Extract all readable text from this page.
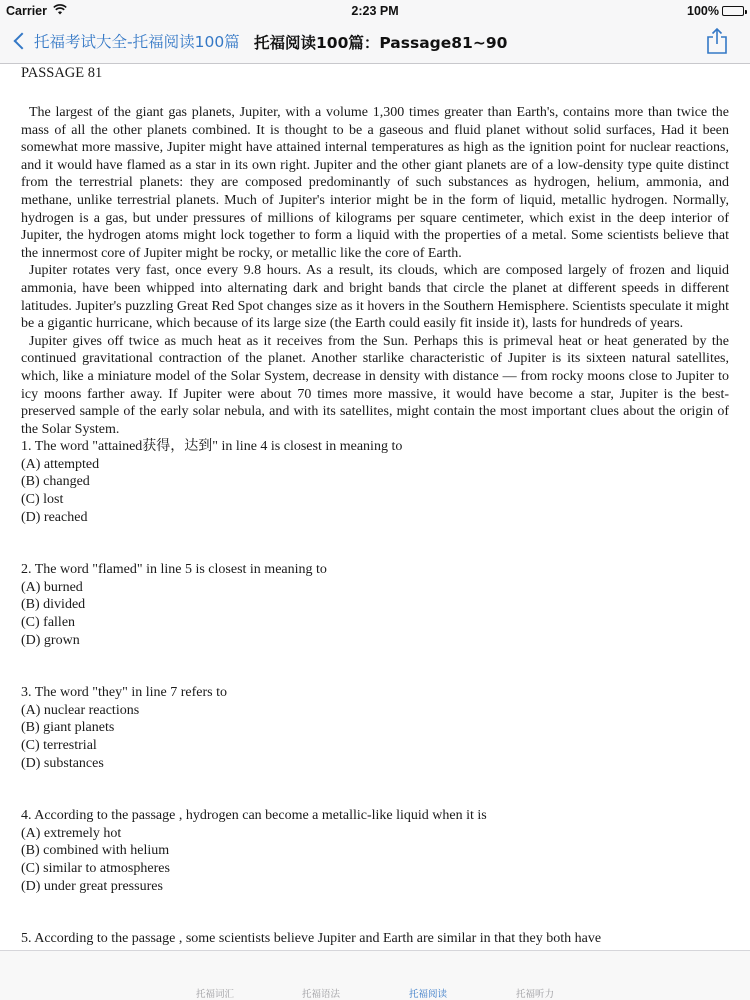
Carrier	2:23 PM	100%
托福考试大全-托福阅读100篇 托福阅读100篇：Passage81~90
PASSAGE 81

The largest of the giant gas planets, Jupiter, with a volume 1,300 times greater than Earth's, contains more than twice the mass of all the other planets combined. It is thought to be a gaseous and fluid planet without solid surfaces, Had it been somewhat more massive, Jupiter might have attained internal temperatures as high as the ignition point for nuclear reactions, and it would have flamed as a star in its own right. Jupiter and the other giant planets are of a low-density type quite distinct from the terrestrial planets: they are composed predominantly of such substances as hydrogen, helium, ammonia, and methane, unlike terrestrial planets. Much of Jupiter's interior might be in the form of liquid, metallic hydrogen. Normally, hydrogen is a gas, but under pressures of millions of kilograms per square centimeter, which exist in the deep interior of Jupiter, the hydrogen atoms might lock together to form a liquid with the properties of a metal. Some scientists believe that the innermost core of Jupiter might be rocky, or metallic like the core of Earth.

Jupiter rotates very fast, once every 9.8 hours. As a result, its clouds, which are composed largely of frozen and liquid ammonia, have been whipped into alternating dark and bright bands that circle the planet at different speeds in different latitudes. Jupiter's puzzling Great Red Spot changes size as it hovers in the Southern Hemisphere. Scientists speculate it might be a gigantic hurricane, which because of its large size (the Earth could easily fit inside it), lasts for hundreds of years.

Jupiter gives off twice as much heat as it receives from the Sun. Perhaps this is primeval heat or heat generated by the continued gravitational contraction of the planet. Another starlike characteristic of Jupiter is its sixteen natural satellites, which, like a miniature model of the Solar System, decrease in density with distance — from rocky moons close to Jupiter to icy moons farther away. If Jupiter were about 70 times more massive, it would have become a star, Jupiter is the best-preserved sample of the early solar nebula, and with its satellites, might contain the most important clues about the origin of the Solar System.

1. The word "attained获得，达到" in line 4 is closest in meaning to
(A) attempted
(B) changed
(C) lost
(D) reached
2. The word "flamed" in line 5 is closest in meaning to
(A) burned
(B) divided
(C) fallen
(D) grown
3. The word "they" in line 7 refers to
(A) nuclear reactions
(B) giant planets
(C) terrestrial
(D) substances
4. According to the passage , hydrogen can become a metallic-like liquid when it is
(A) extremely hot
(B) combined with helium
(C) similar to atmospheres
(D) under great pressures
5. According to the passage , some scientists believe Jupiter and Earth are similar in that they both have
托福词汇	托福语法	托福阅读	托福听力
